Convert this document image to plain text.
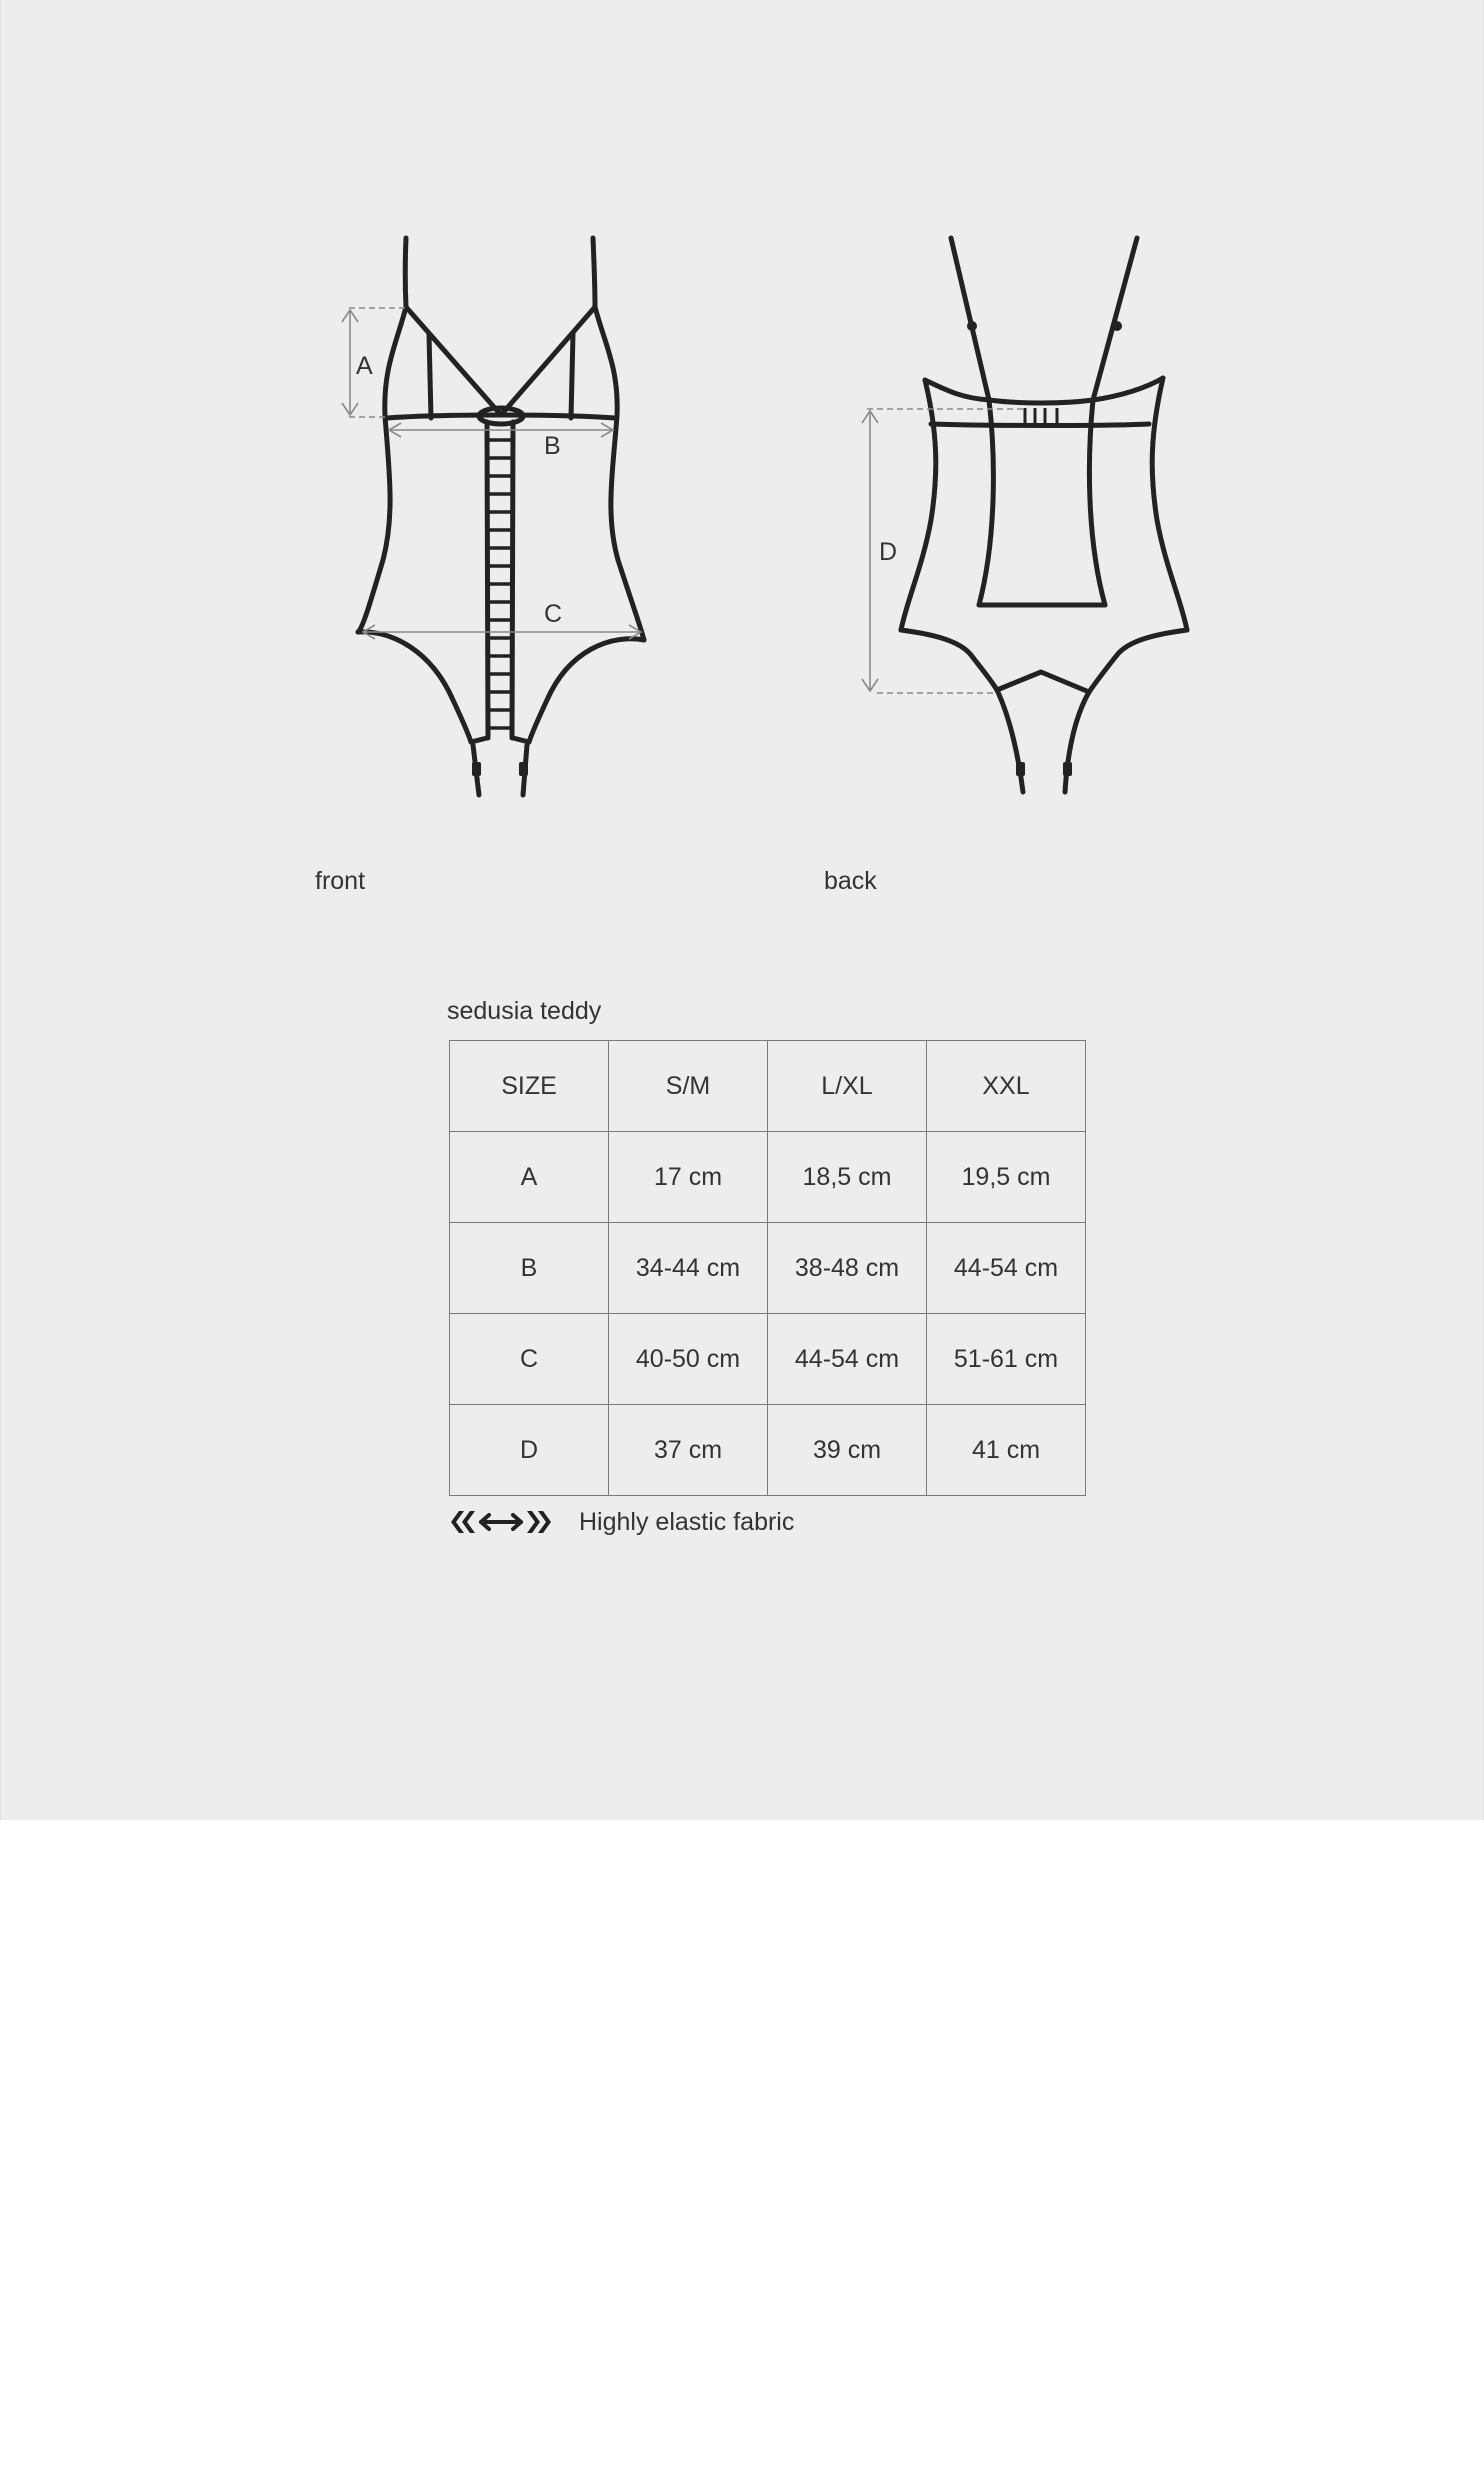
A
B
C
D
front	back
sedusia teddy
SIZE	S/M	L/XL	XXL
A	17 cm	18,5 cm	19,5 cm
B	34-44 cm	38-48 cm	44-54 cm
C	40-50 cm	44-54 cm	51-61 cm
D	37 cm	39 cm	41 cm
Highly elastic fabric
